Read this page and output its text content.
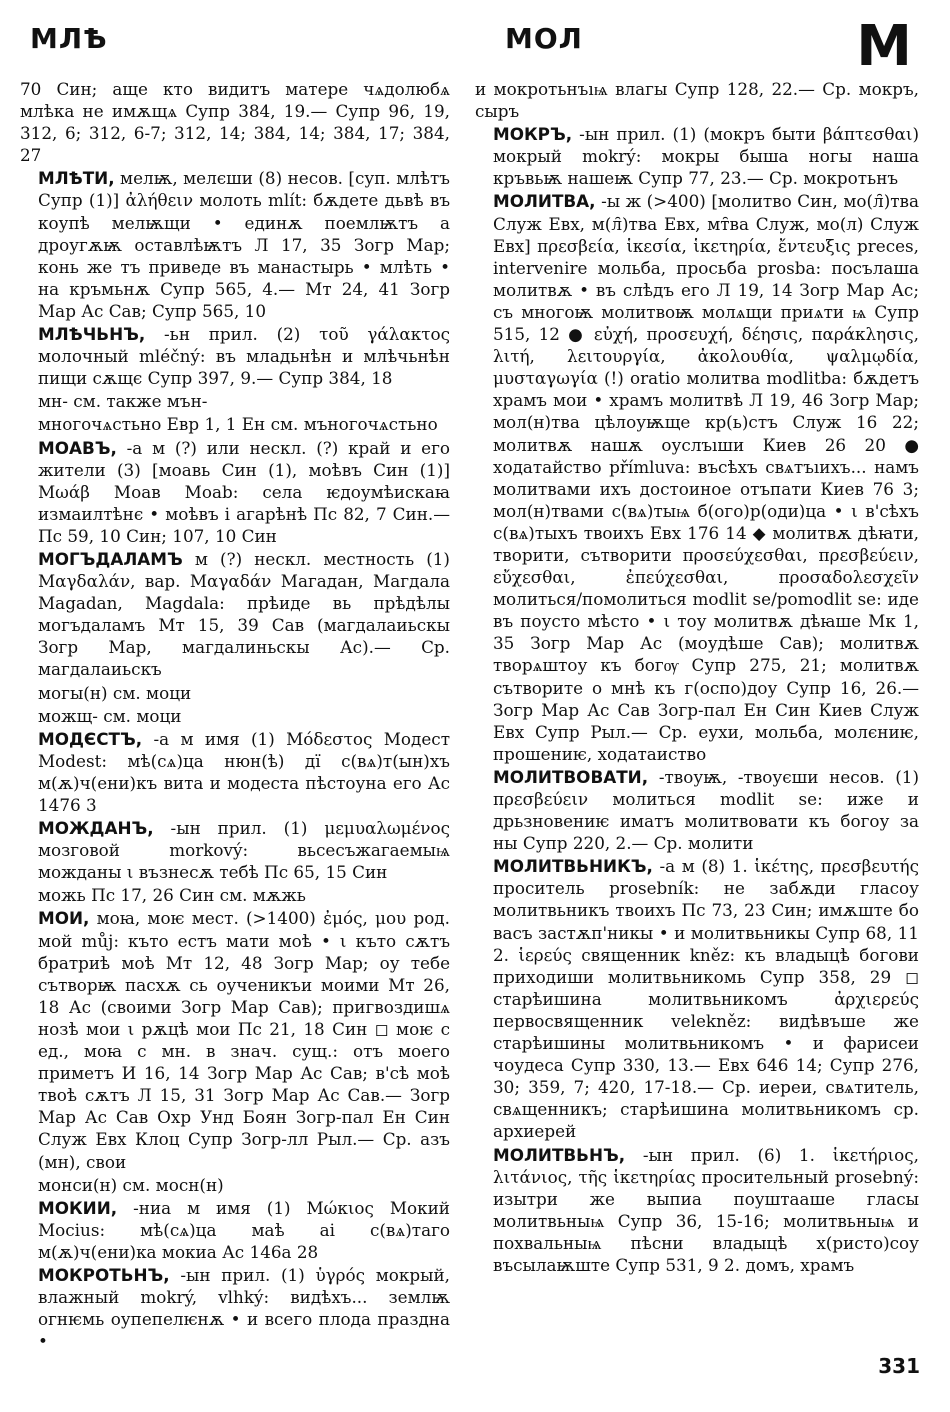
МЛѢ	МОЛ	М

70 Син; аще кто видитъ матере чѧдолюбѧ млѣка не имѫщѧ Супр 384, 19.— Супр 96, 19, 312, 6; 312, 6-7; 312, 14; 384, 14; 384, 17; 384, 27

МЛѢТИ, мелѭ, мелєши (8) несов. [суп. млѣтъ Супр (1)] ἀλήθειν молоть mlít: бѫдете дьвѣ въ коупѣ мелѭщи • единѫ поемлѭтъ а дроугѫѭ оставлѣѭтъ Л 17, 35 Зогр Мар; конь же тъ приведе въ манастырь • млѣть • на кръмьнѫ Супр 565, 4.— Мт 24, 41 Зогр Мар Ас Сав; Супр 565, 10

МЛѢЧЬНЪ, -ьн прил. (2) τοῦ γάλακτος молочный mléčný: въ младьнѣн и млѣчьнѣн пищи сѫщє Супр 397, 9.— Супр 384, 18

мн- см. также мън-

многочѧстьно Евр 1, 1 Ен см. мъногочѧстьно

МОАВЪ, -а м (?) или нескл. (?) край и его жители (3) [моавь Син (1), моѣвъ Син (1)] Μωάβ Моав Moab: села ѥдоумѣискаꙗ измаилтѣнє • моѣвъ і агарѣнѣ Пс 82, 7 Син.— Пс 59, 10 Син; 107, 10 Син

МОГЪДАЛАМЪ м (?) нескл. местность (1) Μαγδαλάν, вар. Μαγαδάν Магадан, Магдала Magadan, Magdala: прѣиде вь прѣдѣлы могъдаламъ Мт 15, 39 Сав (магдалаиьскы Зогр Мар, магдалиньскы Ас).— Ср. магдалаиьскъ

могы(н) см. моци

можщ- см. моци

МОДЄСТЪ, -а м имя (1) Μόδεστος Модест Modest: мѣ(сѧ)ца нюн(ѣ) дї с(вѧ)т(ын)хъ м(ѫ)ч(ени)къ вита и модеста пѣстоуна его Ас 1476 3

МОЖДАНЪ, -ын прил. (1) μεμυαλωμένος мозговой morkový: вьсесъжагаемыѩ можданы ι възнесѫ тебѣ Пс 65, 15 Син

можь Пс 17, 26 Син см. мѫжь

МОИ, моꙗ, моѥ мест. (>1400) ἐμός, μου род. мой můj: къто естъ мати моѣ • ι къто сѫтъ братриѣ моѣ Мт 12, 48 Зогр Мар; оу тебе сътворѭ пасхѫ сь оученикъи моими Мт 26, 18 Ас (своими Зогр Мар Сав); пригвоздишѧ нозѣ мои ι рѫцѣ мои Пс 21, 18 Син ◻ моѥ с ед., моꙗ с мн. в знач. сущ.: отъ моего приметъ И 16, 14 Зогр Мар Ас Сав; в'сѣ моѣ твоѣ сѫтъ Л 15, 31 Зогр Мар Ас Сав.— Зогр Мар Ас Сав Охр Унд Боян Зогр-пал Ен Син Служ Евх Клоц Супр Зогр-лл Рыл.— Ср. азъ (мн), свои

монси(н) см. мосн(н)

МОКИИ, -ниа м имя (1) Μώκιος Мокий Mocius: мѣ(сѧ)ца маѣ аі с(вѧ)таго м(ѫ)ч(ени)ка мокиа Ас 146а 28

МОКРОТЬНЪ, -ын прил. (1) ὑγρός мокрый, влажный mokrý, vlhký: видѣхъ... землѭ огнѥмь оупепелѥнѫ • и всего плода празднa •

и мокротьнъıѩ влагы Супр 128, 22.— Ср. мокръ, сыръ

МОКРЪ, -ын прил. (1) (мокръ быти βάπτεσθαι) мокрый mokrý: мокры быша ногы наша кръвьѭ нашеѭ Супр 77, 23.— Ср. мокротьнъ

МОЛИТВА, -ы ж (>400) [молитво Син, мо(л̑)тва Служ Евх, м(л̑)тва Евх, мт̑ва Служ, мо(л) Служ Евх] πρεσβεία, ἱκεσία, ἱκετηρία, ἔντευξις preces, intervenire мольба, просьба prosba: посълаша молитвѫ • въ слѣдъ его Л 19, 14 Зогр Мар Ас; съ многоѭ молитвоѭ молѧщи приѧти ѩ Супр 515, 12 ● εὐχή, προσευχή, δέησις, παράκλησις, λιτή, λειτουργία, ἀκολουθία, ψαλμῳδία, μυσταγωγία (!) oratio молитва modlitba: бѫдетъ храмъ мои • храмъ молитвѣ Л 19, 46 Зогр Мар; мол(н)тва цѣлоуѭще кр(ь)стъ Служ 16 22; молитвѫ нашѫ оуслъıши Киев 26 20 ● ходатайство přímluva: въсѣхъ свѧтъıихъ... намъ молитвами ихъ достоиное отъпати Киев 76 3; мол(н)твами с(вѧ)тыѩ б(ого)р(оди)ца • ι в'сѣхъ с(вѧ)тыхъ твоихъ Евх 176 14 ◆ молитвѫ дѣꙗти, творити, сътворити προσεύχεσθαι, πρεσβεύειν, εὔχεσθαι, ἐπεύχεσθαι, προσαδολεσχεῖν молиться/помолиться modlit se/pomodlit se: иде въ поусто мѣсто • ι тоу молитвѫ дѣꙗше Мк 1, 35 Зогр Мар Ас (моудѣше Сав); молитвѫ творѧштоу къ богѹ Супр 275, 21; молитвѫ сътворите о мнѣ къ г(оспо)доу Супр 16, 26.— Зогр Мар Ас Сав Зогр-пал Ен Син Киев Служ Евх Супр Рыл.— Ср. еухи, мольба, молєниѥ, прошениѥ, ходатаиство

МОЛИТВОВАТИ, -твоуѭ, -твоуєши несов. (1) πρεσβεύειν молиться modlit se: иже и дрьзновениѥ иматъ молитвовати къ богоу за ны Супр 220, 2.— Ср. молити

МОЛИТВЬНИКЪ, -а м (8) 1. ἱκέτης, πρεσβευτής проситель prosebník: не забѫди гласоу молитвьникъ твоихъ Пс 73, 23 Син; имѫште бо васъ застѫп'никы • и молитвьникы Супр 68, 11 2. ἱερεύς священник kněz: къ владыцѣ богови приходиши молитвьникомь Супр 358, 29 ◻ старѣишина молитвьникомъ ἀρχιερεύς первосвященник velekněz: видѣвъше же старѣишины молитвьникомъ • и фарисеи чоудеса Супр 330, 13.— Евх 646 14; Супр 276, 30; 359, 7; 420, 17-18.— Ср. иереи, свѧтитель, свѧщенникъ; старѣишина молитвьникомъ ср. архиерей

МОЛИТВЬНЪ, -ын прил. (6) 1. ἱκετήριος, λιτάνιος, τῆς ἱκετηρίας просительный prosebný: изытри же выпиа поуштааше гласы молитвьныѩ Супр 36, 15-16; молитвьныѩ и похвальныѩ пѣсни владыцѣ х(ристо)соу въсылаѭште Супр 531, 9 2. домъ, храмъ

331
